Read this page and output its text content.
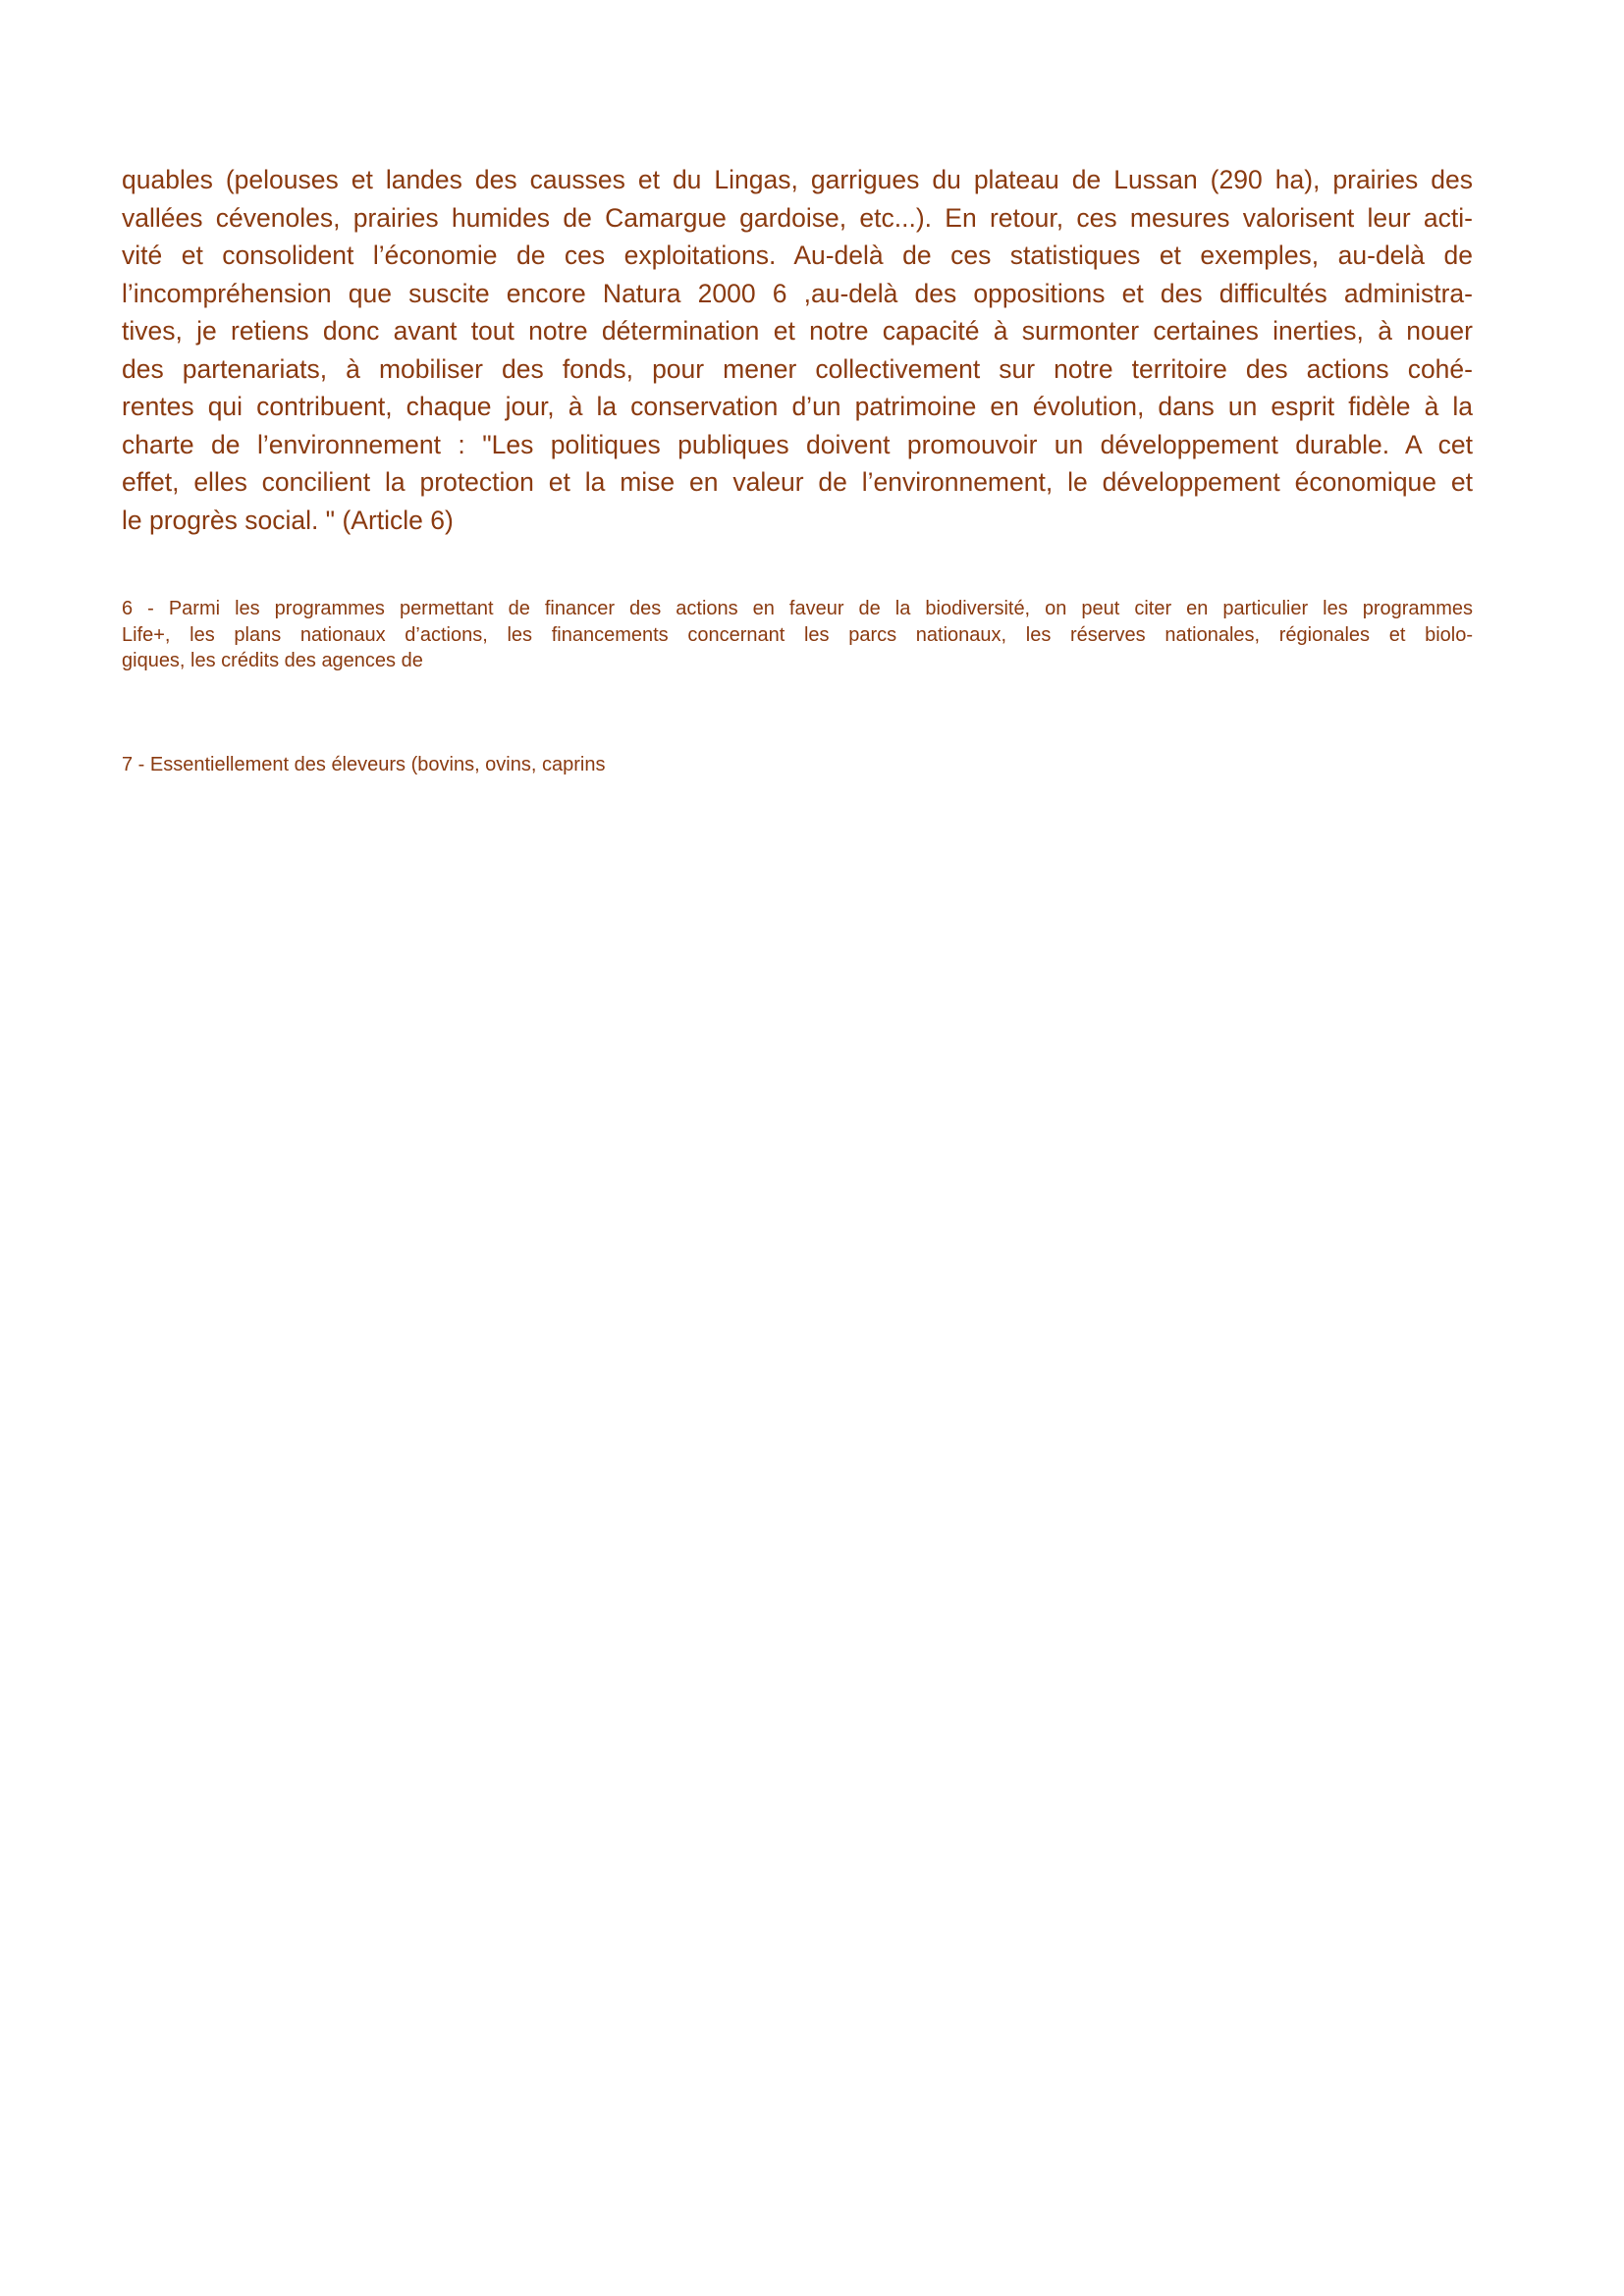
quables (pelouses et landes des causses et du Lingas, garrigues du plateau de Lussan (290 ha), prairies des
vallées cévenoles, prairies humides de Camargue gardoise, etc...). En retour, ces mesures valorisent leur acti-
vité et consolident l’économie de ces exploitations. Au-delà de ces statistiques et exemples, au-delà de
l’incompréhension que suscite encore Natura 2000 6 ,au-delà des oppositions et des difficultés administra-
tives, je retiens donc avant tout notre détermination et notre capacité à surmonter certaines inerties, à nouer
des partenariats, à mobiliser des fonds, pour mener collectivement sur notre territoire des actions cohé-
rentes qui contribuent, chaque jour, à la conservation d’un patrimoine en évolution, dans un esprit fidèle à la
charte de l’environnement : "Les politiques publiques doivent promouvoir un développement durable. A cet
effet, elles concilient la protection et la mise en valeur de l’environnement, le développement économique et
le progrès social. " (Article 6)
6 - Parmi les programmes permettant de financer des actions en faveur de la biodiversité, on peut citer en particulier les programmes
Life+, les plans nationaux d’actions, les financements concernant les parcs nationaux, les réserves nationales, régionales et biolo-
giques, les crédits des agences de
7 - Essentiellement des éleveurs (bovins, ovins, caprins
